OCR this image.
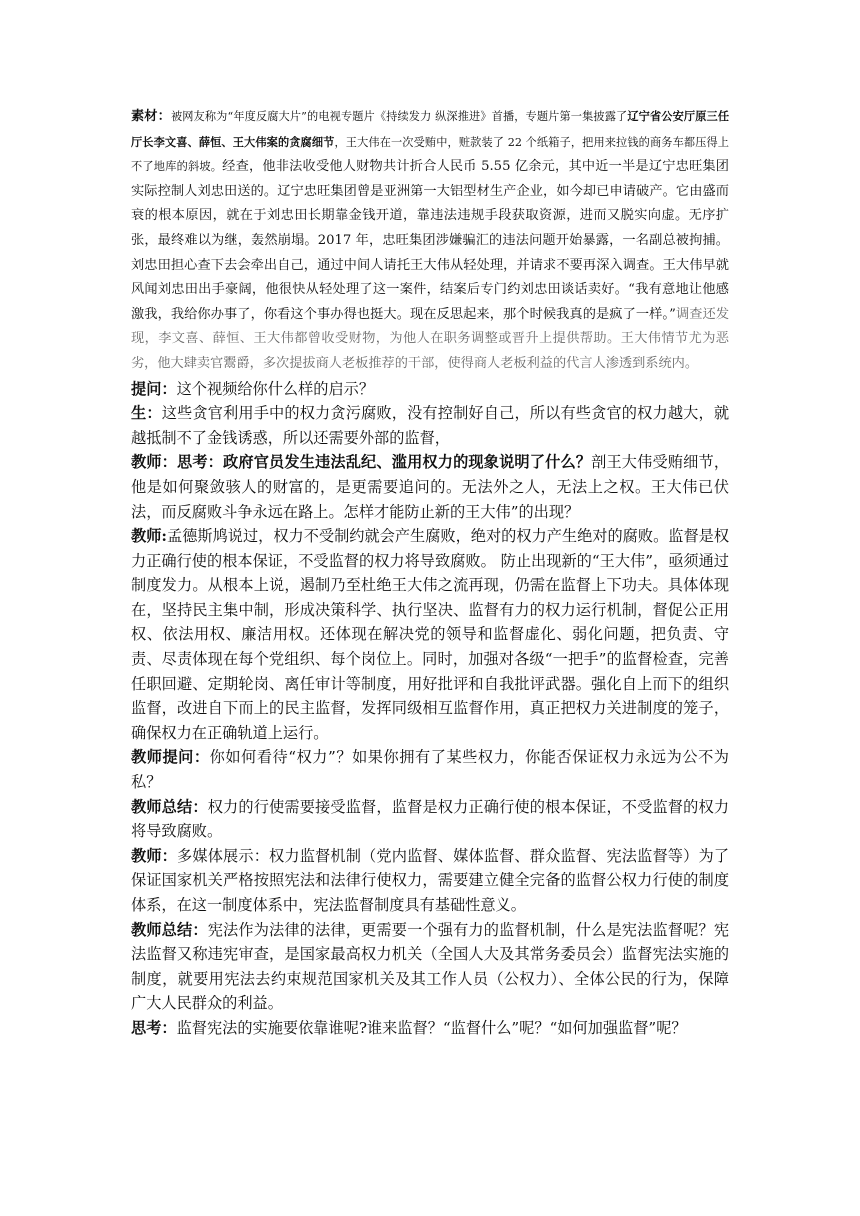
素材：被网友称为“年度反腐大片”的电视专题片《持续发力 纵深推进》首播，专题片第一集披露了辽宁省公安厅原三任厅长李文喜、薛恒、王大伟案的贪腐细节，王大伟在一次受贿中，赃款装了 22 个纸箱子，把用来拉钱的商务车都压得上不了地库的斜坡。经查，他非法收受他人财物共计折合人民币 5.55 亿余元，其中近一半是辽宁忠旺集团实际控制人刘忠田送的。辽宁忠旺集团曾是亚洲第一大铝型材生产企业，如今却已申请破产。它由盛而衰的根本原因，就在于刘忠田长期靠金钱开道，靠违法违规手段获取资源，进而又脱实向虚。无序扩张，最终难以为继，轰然崩塌。2017 年，忠旺集团涉嫌骗汇的违法问题开始暴露，一名副总被拘捕。刘忠田担心查下去会牵出自己，通过中间人请托王大伟从轻处理，并请求不要再深入调查。王大伟早就风闻刘忠田出手豪阔，他很快从轻处理了这一案件，结案后专门约刘忠田谈话卖好。“我有意地让他感激我，我给你办事了，你看这个事办得也挺大。现在反思起来，那个时候我真的是疯了一样。”调查还发现，李文喜、薛恒、王大伟都曾收受财物，为他人在职务调整或晋升上提供帮助。王大伟情节尤为恶劣，他大肆卖官鬻爵，多次提拔商人老板推荐的干部，使得商人老板利益的代言人渗透到系统内。

提问：这个视频给你什么样的启示？

生：这些贪官利用手中的权力贪污腐败，没有控制好自己，所以有些贪官的权力越大，就越抵制不了金钱诱惑，所以还需要外部的监督，

教师：思考：政府官员发生违法乱纪、滥用权力的现象说明了什么？剖王大伟受贿细节，他是如何聚敛骇人的财富的，是更需要追问的。无法外之人，无法上之权。王大伟已伏法，而反腐败斗争永远在路上。怎样才能防止新的王大伟”的出现？

教师:孟德斯鸠说过，权力不受制约就会产生腐败，绝对的权力产生绝对的腐败。监督是权力正确行使的根本保证，不受监督的权力将导致腐败。 防止出现新的“王大伟”，亟须通过制度发力。从根本上说，遏制乃至杜绝王大伟之流再现，仍需在监督上下功夫。具体体现在，坚持民主集中制，形成决策科学、执行坚决、监督有力的权力运行机制，督促公正用权、依法用权、廉洁用权。还体现在解决党的领导和监督虚化、弱化问题，把负责、守责、尽责体现在每个党组织、每个岗位上。同时，加强对各级“一把手”的监督检查，完善任职回避、定期轮岗、离任审计等制度，用好批评和自我批评武器。强化自上而下的组织监督，改进自下而上的民主监督，发挥同级相互监督作用，真正把权力关进制度的笼子，确保权力在正确轨道上运行。

教师提问：你如何看待“权力”？如果你拥有了某些权力，你能否保证权力永远为公不为私？

教师总结：权力的行使需要接受监督，监督是权力正确行使的根本保证，不受监督的权力将导致腐败。

教师：多媒体展示：权力监督机制（党内监督、媒体监督、群众监督、宪法监督等）为了保证国家机关严格按照宪法和法律行使权力，需要建立健全完备的监督公权力行使的制度体系，在这一制度体系中，宪法监督制度具有基础性意义。

教师总结：宪法作为法律的法律，更需要一个强有力的监督机制，什么是宪法监督呢？宪法监督又称违宪审查，是国家最高权力机关（全国人大及其常务委员会）监督宪法实施的制度，就要用宪法去约束规范国家机关及其工作人员（公权力）、全体公民的行为，保障广大人民群众的利益。

思考：监督宪法的实施要依靠谁呢?谁来监督？“监督什么”呢？“如何加强监督”呢？
